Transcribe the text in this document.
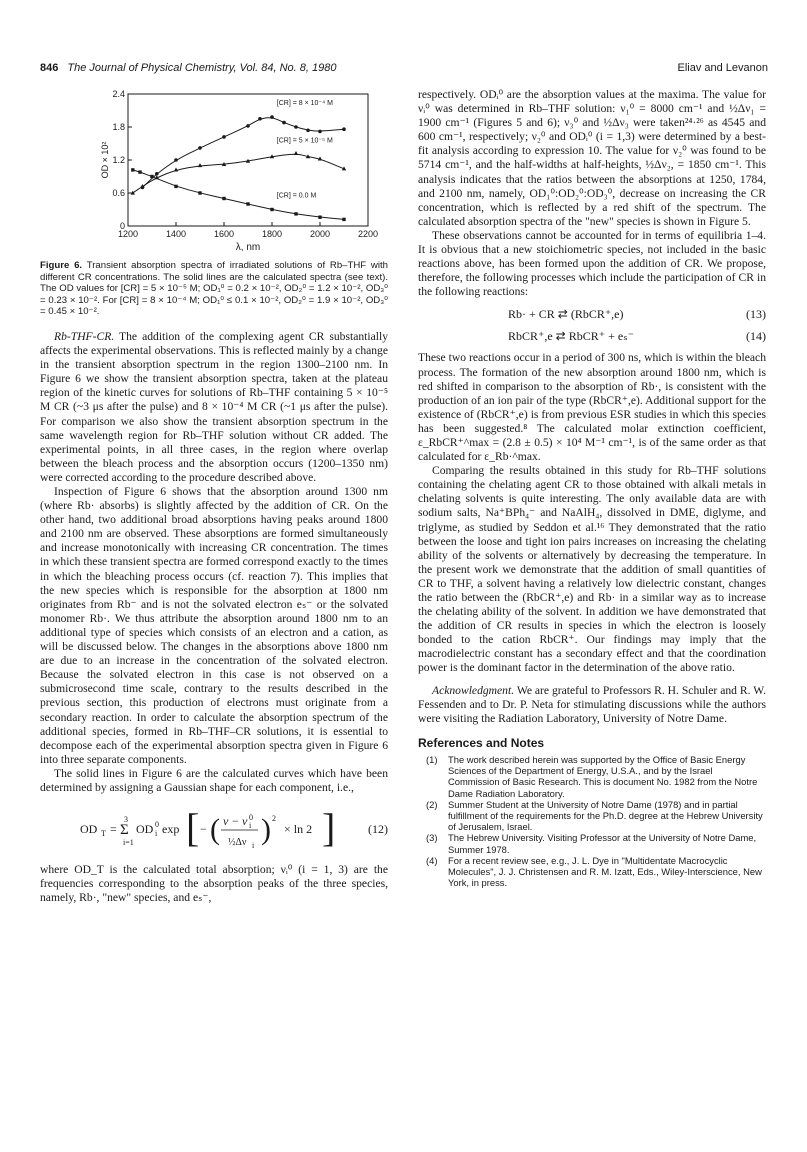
846 The Journal of Physical Chemistry, Vol. 84, No. 8, 1980	Eliav and Levanon
1200	1400	1600	1800	2000	2200
0
0.6
1.2
1.8
2.4
λ, nm
OD × 10²
[CR] = 8 × 10⁻⁴ M
[CR] = 5 × 10⁻⁵ M
[CR] = 0.0 M
Figure 6. Transient absorption spectra of irradiated solutions of Rb–THF with different CR concentrations. The solid lines are the calculated spectra (see text). The OD values for [CR] = 5 × 10⁻⁵ M; OD₁⁰ = 0.2 × 10⁻², OD₂⁰ = 1.2 × 10⁻², OD₃⁰ = 0.23 × 10⁻². For [CR] = 8 × 10⁻⁴ M; OD₁⁰ ≤ 0.1 × 10⁻², OD₂⁰ = 1.9 × 10⁻², OD₃⁰ = 0.45 × 10⁻².

Rb-THF-CR. The addition of the complexing agent CR substantially affects the experimental observations. This is reflected mainly by a change in the transient absorption spectrum in the region 1300–2100 nm. In Figure 6 we show the transient absorption spectra, taken at the plateau region of the kinetic curves for solutions of Rb–THF containing 5 × 10⁻⁵ M CR (~3 μs after the pulse) and 8 × 10⁻⁴ M CR (~1 μs after the pulse). For comparison we also show the transient absorption spectrum in the same wavelength region for Rb–THF solution without CR added. The experimental points, in all three cases, in the region where overlap between the bleach process and the absorption occurs (1200–1350 nm) were corrected according to the procedure described above.

Inspection of Figure 6 shows that the absorption around 1300 nm (where Rb· absorbs) is slightly affected by the addition of CR. On the other hand, two additional broad absorptions having peaks around 1800 and 2100 nm are observed. These absorptions are formed simultaneously and increase monotonically with increasing CR concentration. The times in which these transient spectra are formed correspond exactly to the times in which the bleaching process occurs (cf. reaction 7). This implies that the new species which is responsible for the absorption at 1800 nm originates from Rb⁻ and is not the solvated electron eₛ⁻ or the solvated monomer Rb·. We thus attribute the absorption around 1800 nm to an additional type of species which consists of an electron and a cation, as will be discussed below. The changes in the absorptions above 1800 nm are due to an increase in the concentration of the solvated electron. Because the solvated electron in this case is not observed on a submicrosecond time scale, contrary to the results described in the previous section, this production of electrons must originate from a secondary reaction. In order to calculate the absorption spectrum of the additional species, formed in Rb–THF–CR solutions, it is essential to decompose each of the experimental absorption spectra given in Figure 6 into three separate components.

The solid lines in Figure 6 are the calculated curves which have been determined by assigning a Gaussian shape for each component, i.e.,

OD T =
3
Σ
i=1
OD i
0 exp [ − ( ν − ν i
0
½Δν i ) 2
× ln 2 ]	(12)

where OD_T is the calculated total absorption; νᵢ⁰ (i = 1, 3) are the frequencies corresponding to the absorption peaks of the three species, namely, Rb·, "new" species, and eₛ⁻,

respectively. ODᵢ⁰ are the absorption values at the maxima. The value for νᵢ⁰ was determined in Rb–THF solution: ν₁⁰ = 8000 cm⁻¹ and ½Δν₁ = 1900 cm⁻¹ (Figures 5 and 6); ν₃⁰ and ½Δν₃ were taken²⁴·²⁶ as 4545 and 600 cm⁻¹, respectively; ν₂⁰ and ODᵢ⁰ (i = 1,3) were determined by a best-fit analysis according to expression 10. The value for ν₂⁰ was found to be 5714 cm⁻¹, and the half-widths at half-heights, ½Δν₂, = 1850 cm⁻¹. This analysis indicates that the ratios between the absorptions at 1250, 1784, and 2100 nm, namely, OD₁⁰:OD₂⁰:OD₃⁰, decrease on increasing the CR concentration, which is reflected by a red shift of the spectrum. The calculated absorption spectra of the "new" species is shown in Figure 5.

These observations cannot be accounted for in terms of equilibria 1–4. It is obvious that a new stoichiometric species, not included in the basic reactions above, has been formed upon the addition of CR. We propose, therefore, the following processes which include the participation of CR in the following reactions:

Rb· + CR ⇄ (RbCR⁺,e)	(13)
RbCR⁺,e ⇄ RbCR⁺ + eₛ⁻	(14)

These two reactions occur in a period of 300 ns, which is within the bleach process. The formation of the new absorption around 1800 nm, which is red shifted in comparison to the absorption of Rb·, is consistent with the production of an ion pair of the type (RbCR⁺,e). Additional support for the existence of (RbCR⁺,e) is from previous ESR studies in which this species has been suggested.⁸ The calculated molar extinction coefficient, ε_RbCR⁺^max = (2.8 ± 0.5) × 10⁴ M⁻¹ cm⁻¹, is of the same order as that calculated for ε_Rb·^max.

Comparing the results obtained in this study for Rb–THF solutions containing the chelating agent CR to those obtained with alkali metals in chelating solvents is quite interesting. The only available data are with sodium salts, Na⁺BPh₄⁻ and NaAlH₄, dissolved in DME, diglyme, and triglyme, as studied by Seddon et al.¹⁶ They demonstrated that the ratio between the loose and tight ion pairs increases on increasing the chelating ability of the solvents or alternatively by decreasing the temperature. In the present work we demonstrate that the addition of small quantities of CR to THF, a solvent having a relatively low dielectric constant, changes the ratio between the (RbCR⁺,e) and Rb· in a similar way as to increase the chelating ability of the solvent. In addition we have demonstrated that the addition of CR results in species in which the electron is loosely bonded to the cation RbCR⁺. Our findings may imply that the macrodielectric constant has a secondary effect and that the coordination power is the dominant factor in the determination of the above ratio.

Acknowledgment. We are grateful to Professors R. H. Schuler and R. W. Fessenden and to Dr. P. Neta for stimulating discussions while the authors were visiting the Radiation Laboratory, University of Notre Dame.

References and Notes
(1) The work described herein was supported by the Office of Basic Energy Sciences of the Department of Energy, U.S.A., and by the Israel Commission of Basic Research. This is document No. 1982 from the Notre Dame Radiation Laboratory.
(2) Summer Student at the University of Notre Dame (1978) and in partial fulfillment of the requirements for the Ph.D. degree at the Hebrew University of Jerusalem, Israel.
(3) The Hebrew University. Visiting Professor at the University of Notre Dame, Summer 1978.
(4) For a recent review see, e.g., J. L. Dye in "Multidentate Macrocyclic Molecules", J. J. Christensen and R. M. Izatt, Eds., Wiley-Interscience, New York, in press.
